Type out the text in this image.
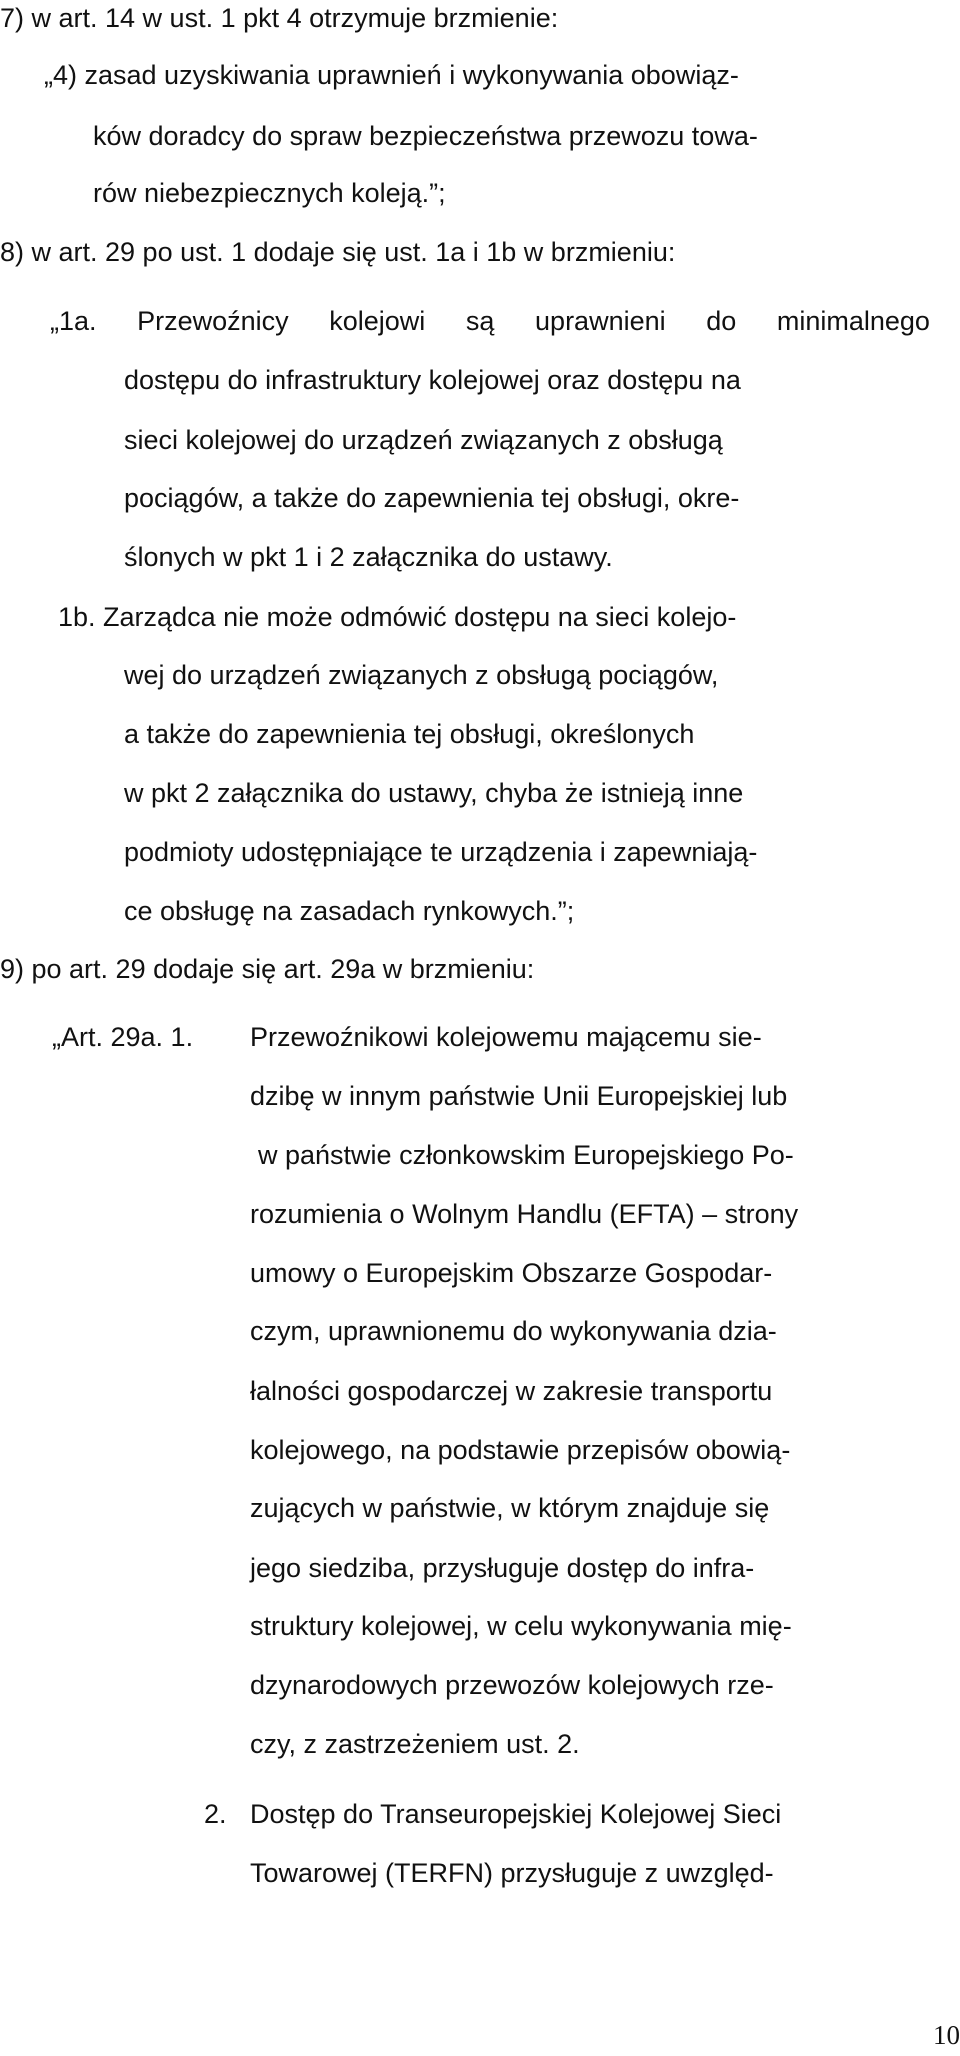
7) w art. 14 w ust. 1 pkt 4 otrzymuje brzmienie:
„4) zasad uzyskiwania uprawnień i wykonywania obowiąz-
ków doradcy do spraw bezpieczeństwa przewozu towa-
rów niebezpiecznych koleją.”;
8) w art. 29 po ust. 1 dodaje się ust. 1a i 1b w brzmieniu:
„1a. Przewoźnicy kolejowi są uprawnieni do minimalnego
dostępu do infrastruktury kolejowej oraz dostępu na
sieci kolejowej do urządzeń związanych z obsługą
pociągów, a także do zapewnienia tej obsługi, okre-
ślonych w pkt 1 i 2 załącznika do ustawy.
1b. Zarządca nie może odmówić dostępu na sieci kolejo-
wej do urządzeń związanych z obsługą pociągów,
a także do zapewnienia tej obsługi, określonych
w pkt 2 załącznika do ustawy, chyba że istnieją inne
podmioty udostępniające te urządzenia i zapewniają-
ce obsługę na zasadach rynkowych.”;
9) po art. 29 dodaje się art. 29a w brzmieniu:
„Art. 29a. 1. Przewoźnikowi kolejowemu mającemu sie-
dzibę w innym państwie Unii Europejskiej lub
w państwie członkowskim Europejskiego Po-
rozumienia o Wolnym Handlu (EFTA) – strony
umowy o Europejskim Obszarze Gospodar-
czym, uprawnionemu do wykonywania dzia-
łalności gospodarczej w zakresie transportu
kolejowego, na podstawie przepisów obowią-
zujących w państwie, w którym znajduje się
jego siedziba, przysługuje dostęp do infra-
struktury kolejowej, w celu wykonywania mię-
dzynarodowych przewozów kolejowych rze-
czy, z zastrzeżeniem ust. 2.
2. Dostęp do Transeuropejskiej Kolejowej Sieci
Towarowej (TERFN) przysługuje z uwzględ-
10
